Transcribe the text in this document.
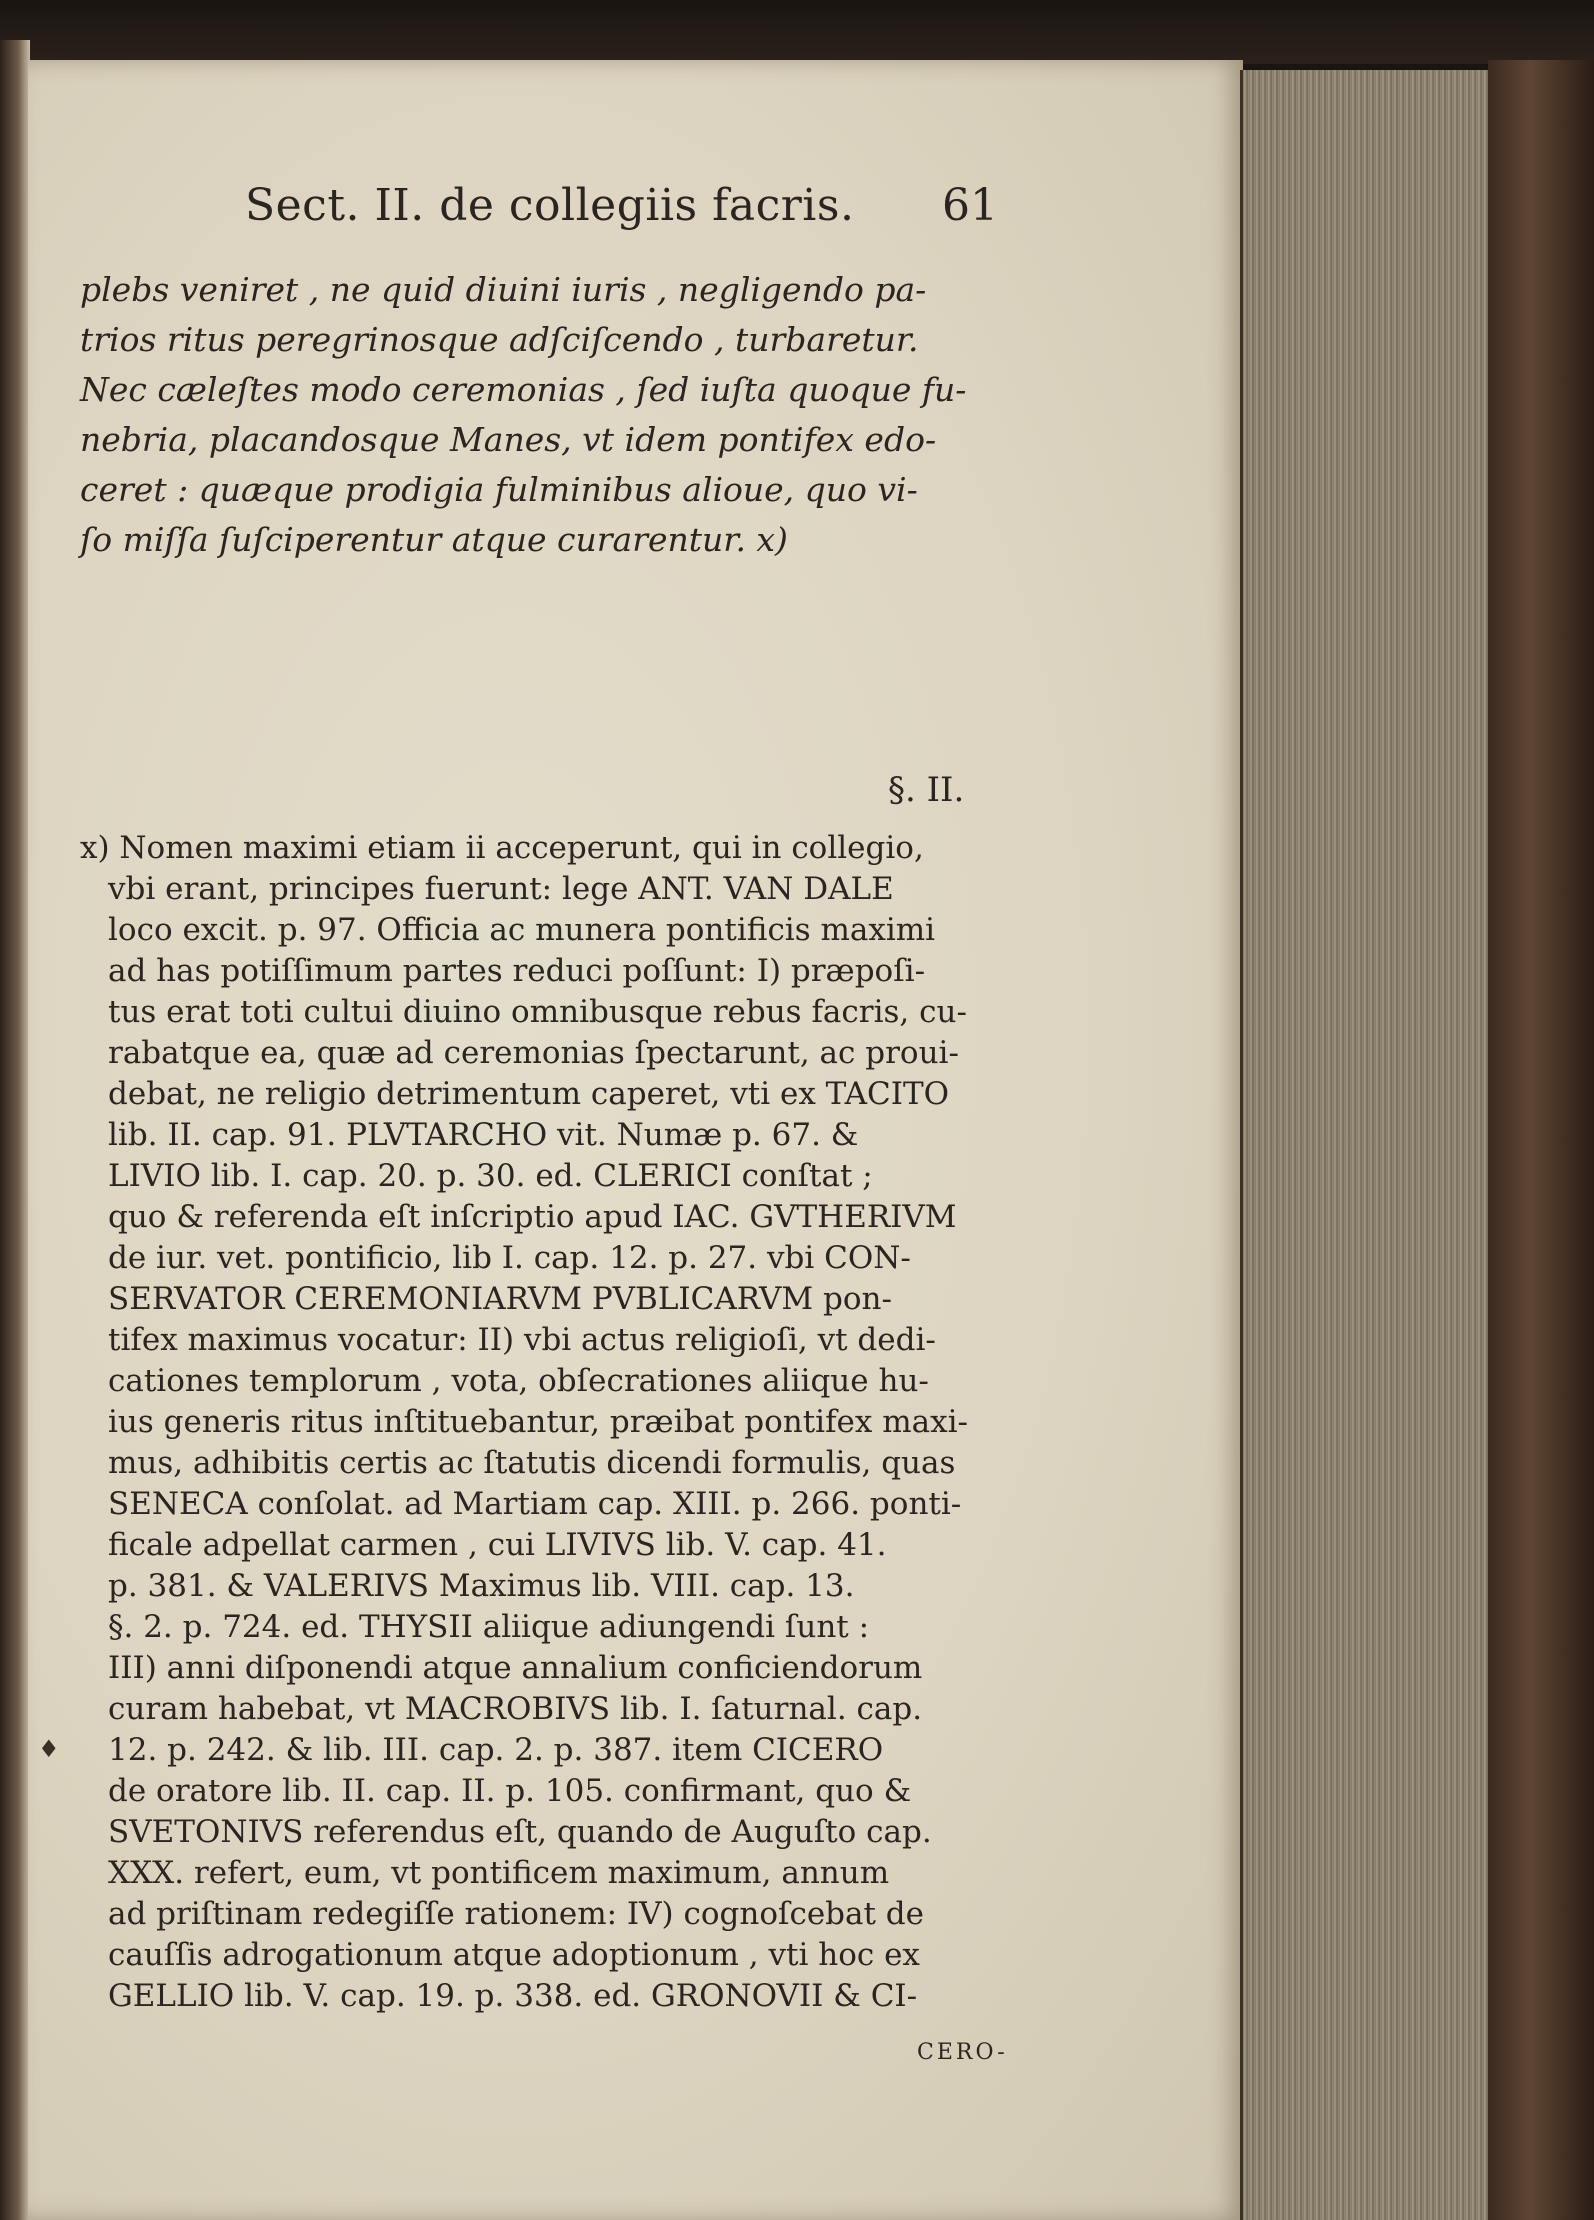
Sect. II. de collegiis facris. 61
plebs veniret , ne quid diuini iuris , negligendo pa-
trios ritus peregrinosque adſciſcendo , turbaretur.
Nec cæleſtes modo ceremonias , ſed iuſta quoque fu-
nebria, placandosque Manes, vt idem pontifex edo-
ceret : quæque prodigia fulminibus alioue, quo vi-
ſo miſſa ſuſciperentur atque curarentur. x)
§. II.
x) Nomen maximi etiam ii acceperunt, qui in collegio,
vbi erant, principes fuerunt: lege ANT. VAN DALE
loco excit. p. 97. Officia ac munera pontificis maximi
ad has potiſſimum partes reduci poſſunt: I) præpoſi-
tus erat toti cultui diuino omnibusque rebus facris, cu-
rabatque ea, quæ ad ceremonias ſpectarunt, ac proui-
debat, ne religio detrimentum caperet, vti ex TACITO
lib. II. cap. 91. PLVTARCHO vit. Numæ p. 67. &
LIVIO lib. I. cap. 20. p. 30. ed. CLERICI conſtat ;
quo & referenda eſt inſcriptio apud IAC. GVTHERIVM
de iur. vet. pontificio, lib I. cap. 12. p. 27. vbi CON-
SERVATOR CEREMONIARVM PVBLICARVM pon-
tifex maximus vocatur: II) vbi actus religioſi, vt dedi-
cationes templorum , vota, obſecrationes aliique hu-
ius generis ritus inſtituebantur, præibat pontifex maxi-
mus, adhibitis certis ac ſtatutis dicendi formulis, quas
SENECA conſolat. ad Martiam cap. XIII. p. 266. ponti-
ficale adpellat carmen , cui LIVIVS lib. V. cap. 41.
p. 381. & VALERIVS Maximus lib. VIII. cap. 13.
§. 2. p. 724. ed. THYSII aliique adiungendi ſunt :
III) anni diſponendi atque annalium conficiendorum
curam habebat, vt MACROBIVS lib. I. ſaturnal. cap.
12. p. 242. & lib. III. cap. 2. p. 387. item CICERO
de oratore lib. II. cap. II. p. 105. confirmant, quo &
SVETONIVS referendus eſt, quando de Auguſto cap.
XXX. refert, eum, vt pontificem maximum, annum
ad priſtinam redegiſſe rationem: IV) cognoſcebat de
cauſſis adrogationum atque adoptionum , vti hoc ex
GELLIO lib. V. cap. 19. p. 338. ed. GRONOVII & CI-
CERO-
♦
